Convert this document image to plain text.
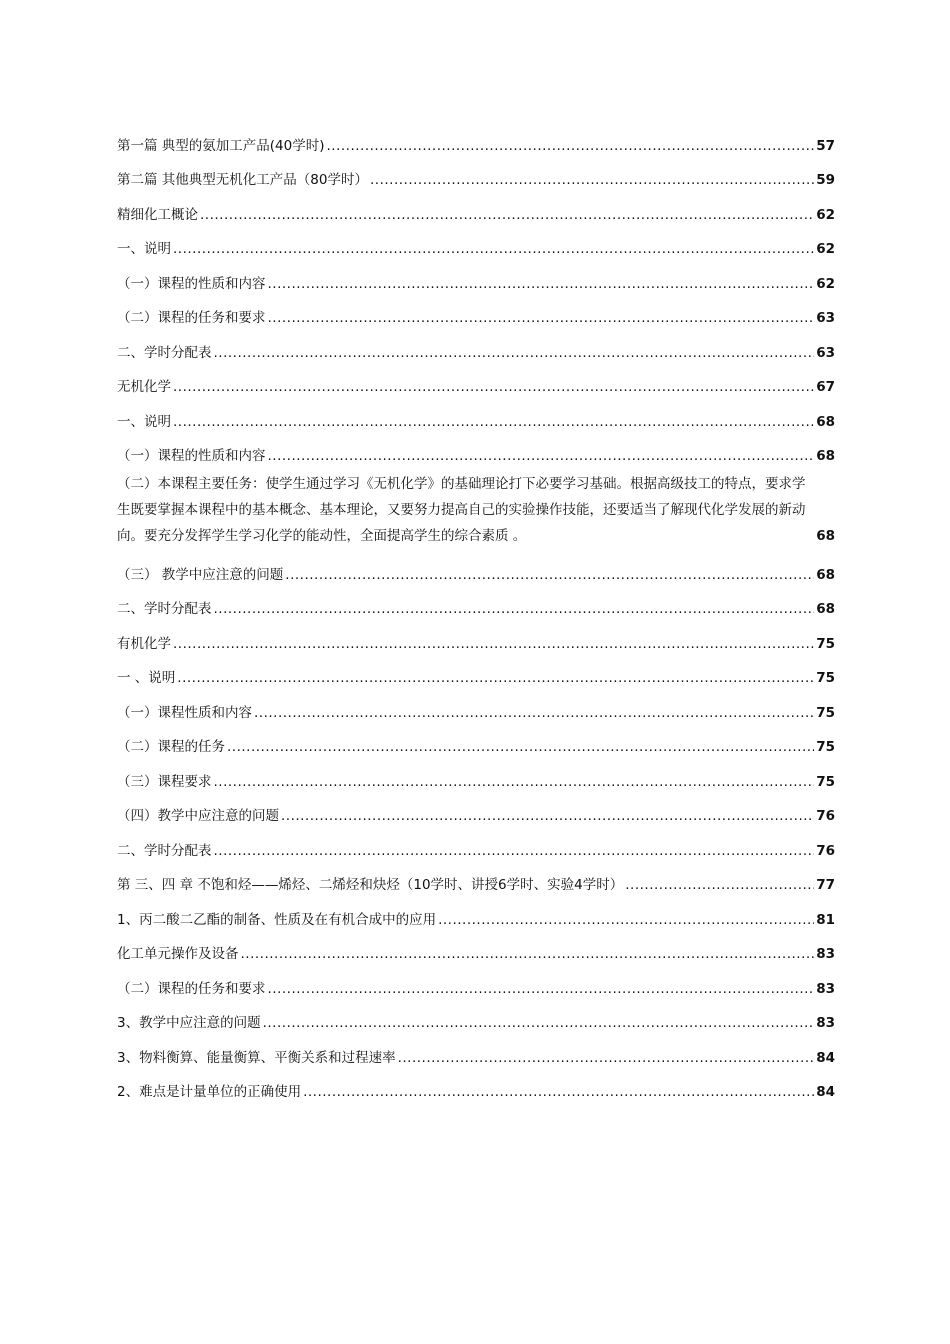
第一篇 典型的氨加工产品(40学时) .....	57
第二篇 其他典型无机化工产品（80学时） .....	59
精细化工概论 .....	62
一、说明 .....	62
（一）课程的性质和内容 .....	62
（二）课程的任务和要求 .....	63
二、学时分配表 .....	63
无机化学 .....	67
一、说明 .....	68
（一）课程的性质和内容 .....	68
（二）本课程主要任务：使学生通过学习《无机化学》的基础理论打下必要学习基础。根据高级技工的特点，要求学生既要掌握本课程中的基本概念、基本理论，又要努力提高自己的实验操作技能，还要适当了解现代化学发展的新动向。要充分发挥学生学习化学的能动性，全面提高学生的综合素质 。	68
（三） 教学中应注意的问题 .....	68
二、学时分配表 .....	68
有机化学 .....	75
一 、说明 .....	75
（一）课程性质和内容 .....	75
（二）课程的任务 .....	75
（三）课程要求 .....	75
（四）教学中应注意的问题 .....	76
二、学时分配表 .....	76
第 三、四 章 不饱和烃——烯烃、二烯烃和炔烃（10学时、讲授6学时、实验4学时） .....	77
1、丙二酸二乙酯的制备、性质及在有机合成中的应用 .....	81
化工单元操作及设备 .....	83
（二）课程的任务和要求 .....	83
3、教学中应注意的问题 .....	83
3、物料衡算、能量衡算、平衡关系和过程速率 .....	84
2、难点是计量单位的正确使用 .....	84
